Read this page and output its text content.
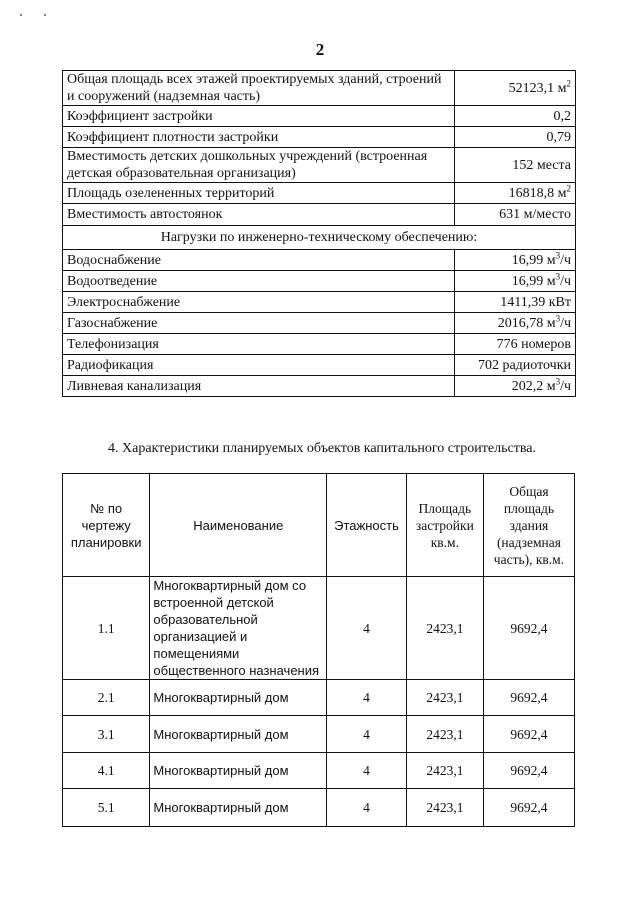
2
Общая площадь всех этажей проектируемых зданий, строений и сооружений (надземная часть)	52123,1 $м^2$
Коэффициент застройки	0,2
Коэффициент плотности застройки	0,79
Вместимость детских дошкольных учреждений (встроенная детская образовательная организация)	152 места
Площадь озелененных территорий	16818,8 $м^2$
Вместимость автостоянок	631 м/место
Нагрузки по инженерно-техническому обеспечению:	
Водоснабжение	16,99 $м^3/ч$
Водоотведение	16,99 $м^3/ч$
Электроснабжение	1411,39 кВт
Газоснабжение	2016,78 $м^3/ч$
Телефонизация	776 номеров
Радиофикация	702 радиоточки
Ливневая канализация	202,2 $м^3/ч$
4. Характеристики планируемых объектов капитального строительства.
№ по чертежу планировки	Наименование	Этажность	Площадь застройки кв.м.	Общая площадь здания (надземная часть), кв.м.
1.1	Многоквартирный дом со встроенной детской образовательной организацией и помещениями общественного назначения	4	2423,1	9692,4
2.1	Многоквартирный дом	4	2423,1	9692,4
3.1	Многоквартирный дом	4	2423,1	9692,4
4.1	Многоквартирный дом	4	2423,1	9692,4
5.1	Многоквартирный дом	4	2423,1	9692,4
